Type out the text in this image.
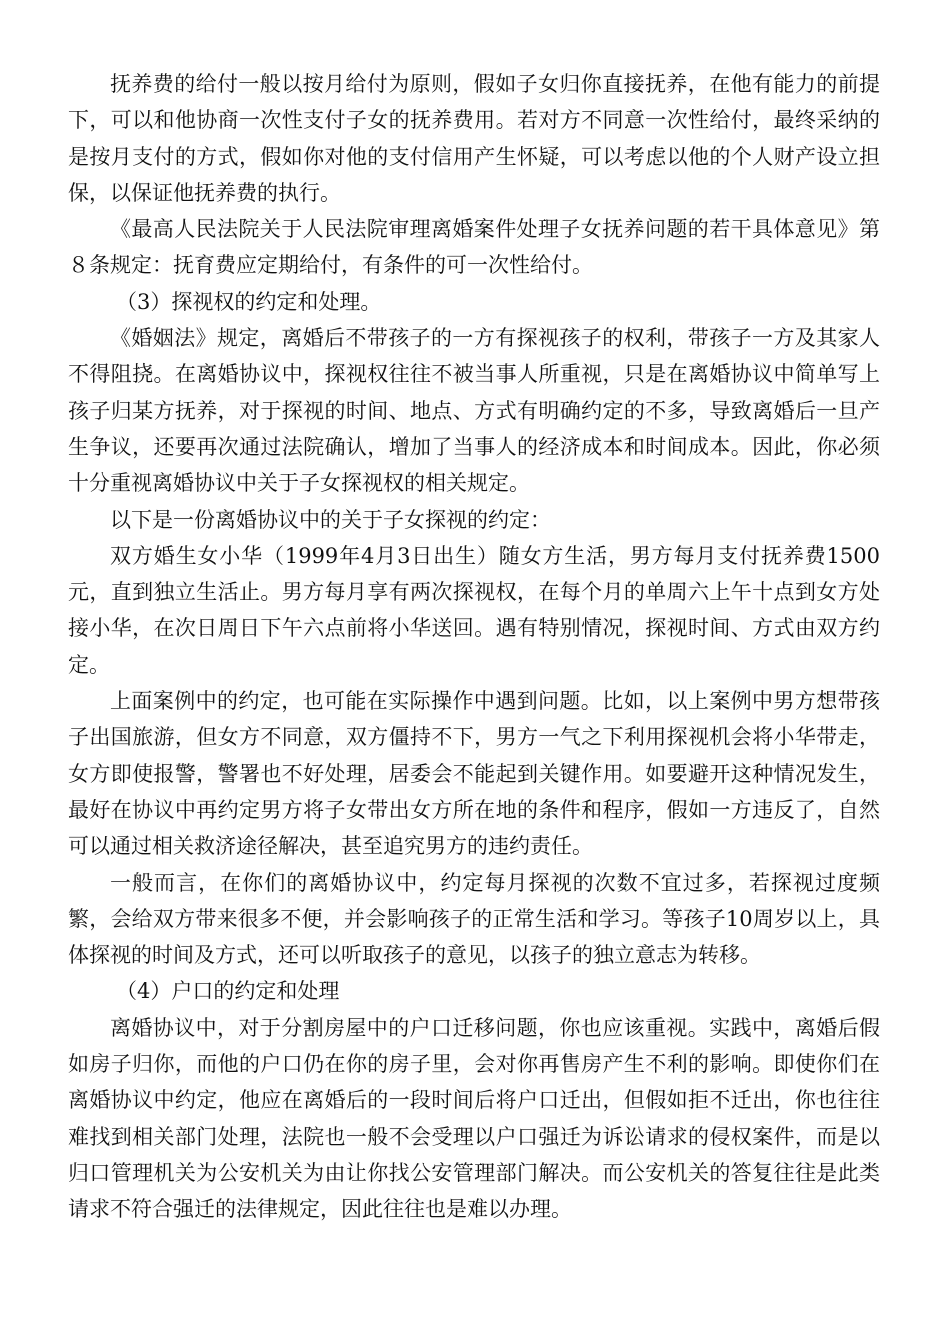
抚养费的给付一般以按月给付为原则，假如子女归你直接抚养，在他有能力的前提下，可以和他协商一次性支付子女的抚养费用。若对方不同意一次性给付，最终采纳的是按月支付的方式，假如你对他的支付信用产生怀疑，可以考虑以他的个人财产设立担保，以保证他抚养费的执行。

《最高人民法院关于人民法院审理离婚案件处理子女抚养问题的若干具体意见》第８条规定：抚育费应定期给付，有条件的可一次性给付。

（3）探视权的约定和处理。

《婚姻法》规定，离婚后不带孩子的一方有探视孩子的权利，带孩子一方及其家人不得阻挠。在离婚协议中，探视权往往不被当事人所重视，只是在离婚协议中简单写上孩子归某方抚养，对于探视的时间、地点、方式有明确约定的不多，导致离婚后一旦产生争议，还要再次通过法院确认，增加了当事人的经济成本和时间成本。因此，你必须十分重视离婚协议中关于子女探视权的相关规定。

以下是一份离婚协议中的关于子女探视的约定：

双方婚生女小华（1999年4月3日出生）随女方生活，男方每月支付抚养费1500元，直到独立生活止。男方每月享有两次探视权，在每个月的单周六上午十点到女方处接小华，在次日周日下午六点前将小华送回。遇有特别情况，探视时间、方式由双方约定。

上面案例中的约定，也可能在实际操作中遇到问题。比如，以上案例中男方想带孩子出国旅游，但女方不同意，双方僵持不下，男方一气之下利用探视机会将小华带走，女方即使报警，警署也不好处理，居委会不能起到关键作用。如要避开这种情况发生，最好在协议中再约定男方将子女带出女方所在地的条件和程序，假如一方违反了，自然可以通过相关救济途径解决，甚至追究男方的违约责任。

一般而言，在你们的离婚协议中，约定每月探视的次数不宜过多，若探视过度频繁，会给双方带来很多不便，并会影响孩子的正常生活和学习。等孩子10周岁以上，具体探视的时间及方式，还可以听取孩子的意见，以孩子的独立意志为转移。

（4）户口的约定和处理

离婚协议中，对于分割房屋中的户口迁移问题，你也应该重视。实践中，离婚后假如房子归你，而他的户口仍在你的房子里，会对你再售房产生不利的影响。即使你们在离婚协议中约定，他应在离婚后的一段时间后将户口迁出，但假如拒不迁出，你也往往难找到相关部门处理，法院也一般不会受理以户口强迁为诉讼请求的侵权案件，而是以归口管理机关为公安机关为由让你找公安管理部门解决。而公安机关的答复往往是此类请求不符合强迁的法律规定，因此往往也是难以办理。
